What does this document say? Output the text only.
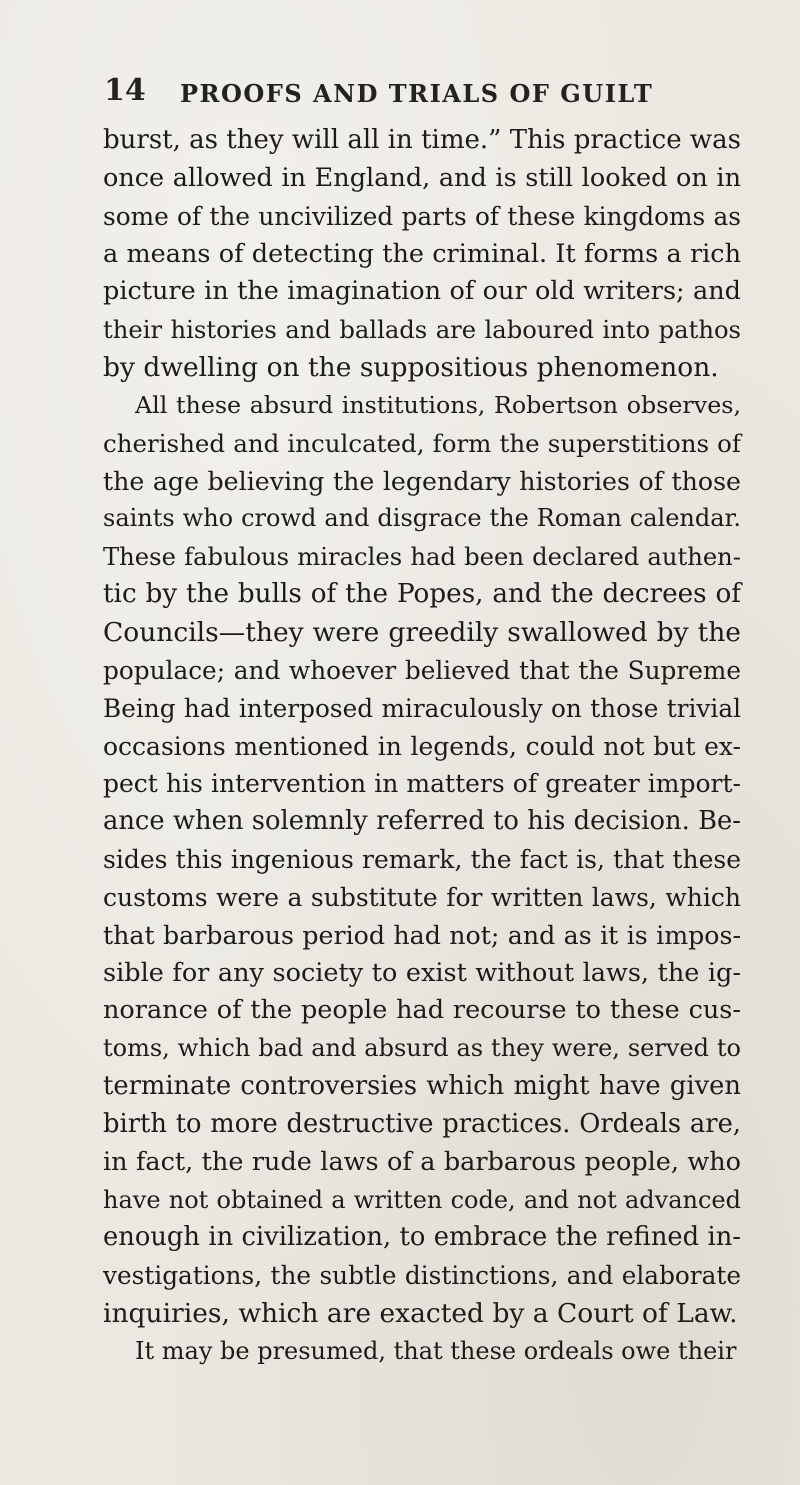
14 PROOFS AND TRIALS OF GUILT
burst, as they will all in time.” This practice was
once allowed in England, and is still looked on in
some of the uncivilized parts of these kingdoms as
a means of detecting the criminal. It forms a rich
picture in the imagination of our old writers; and
their histories and ballads are laboured into pathos
by dwelling on the suppositious phenomenon.
All these absurd institutions, Robertson observes,
cherished and inculcated, form the superstitions of
the age believing the legendary histories of those
saints who crowd and disgrace the Roman calendar.
These fabulous miracles had been declared authen-
tic by the bulls of the Popes, and the decrees of
Councils—they were greedily swallowed by the
populace; and whoever believed that the Supreme
Being had interposed miraculously on those trivial
occasions mentioned in legends, could not but ex-
pect his intervention in matters of greater import-
ance when solemnly referred to his decision. Be-
sides this ingenious remark, the fact is, that these
customs were a substitute for written laws, which
that barbarous period had not; and as it is impos-
sible for any society to exist without laws, the ig-
norance of the people had recourse to these cus-
toms, which bad and absurd as they were, served to
terminate controversies which might have given
birth to more destructive practices. Ordeals are,
in fact, the rude laws of a barbarous people, who
have not obtained a written code, and not advanced
enough in civilization, to embrace the refined in-
vestigations, the subtle distinctions, and elaborate
inquiries, which are exacted by a Court of Law.
It may be presumed, that these ordeals owe their
